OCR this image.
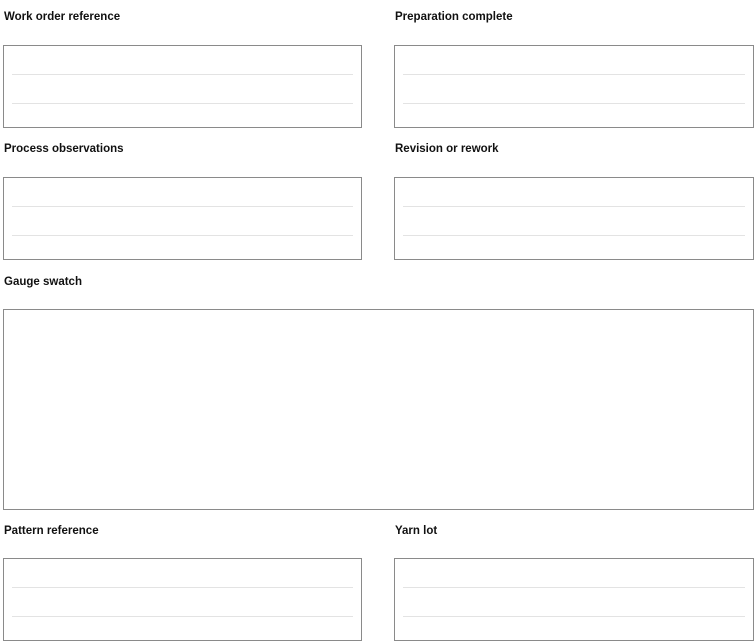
Work order reference	Preparation complete
Process observations	Revision or rework
Gauge swatch
Pattern reference	Yarn lot
